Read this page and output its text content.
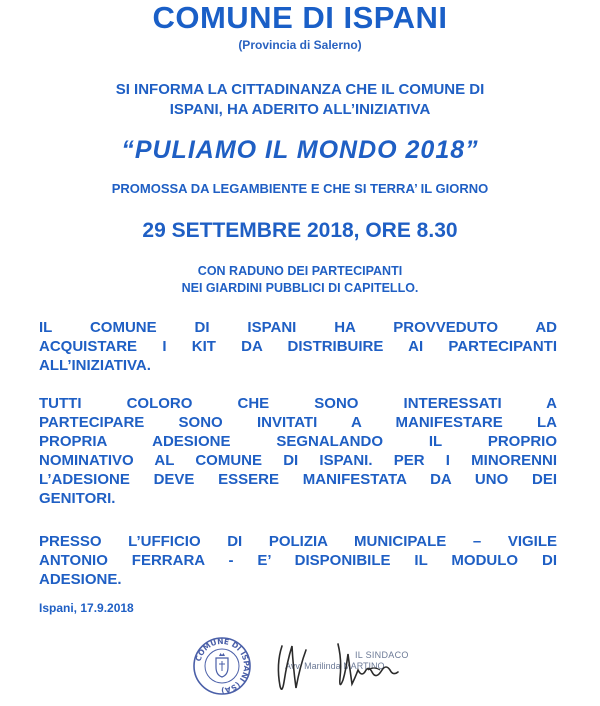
COMUNE DI ISPANI
(Provincia di Salerno)
SI INFORMA LA CITTADINANZA CHE IL COMUNE DI
ISPANI, HA ADERITO ALL’INIZIATIVA
“PULIAMO IL MONDO 2018”
PROMOSSA DA LEGAMBIENTE E CHE SI TERRA’ IL GIORNO
29 SETTEMBRE 2018, ORE 8.30
CON RADUNO DEI PARTECIPANTI
NEI GIARDINI PUBBLICI DI CAPITELLO.
IL COMUNE DI ISPANI HA PROVVEDUTO AD
ACQUISTARE I KIT DA DISTRIBUIRE AI PARTECIPANTI
ALL’INIZIATIVA.
TUTTI COLORO CHE SONO INTERESSATI A
PARTECIPARE SONO INVITATI A MANIFESTARE LA
PROPRIA ADESIONE SEGNALANDO IL PROPRIO
NOMINATIVO AL COMUNE DI ISPANI. PER I MINORENNI
L’ADESIONE DEVE ESSERE MANIFESTATA DA UNO DEI
GENITORI.
PRESSO L’UFFICIO DI POLIZIA MUNICIPALE – VIGILE
ANTONIO FERRARA - E’ DISPONIBILE IL MODULO DI
ADESIONE.
Ispani, 17.9.2018
COMUNE DI ISPANI (SA)
IL SINDACO
Avv. Marilinda MARTINO
